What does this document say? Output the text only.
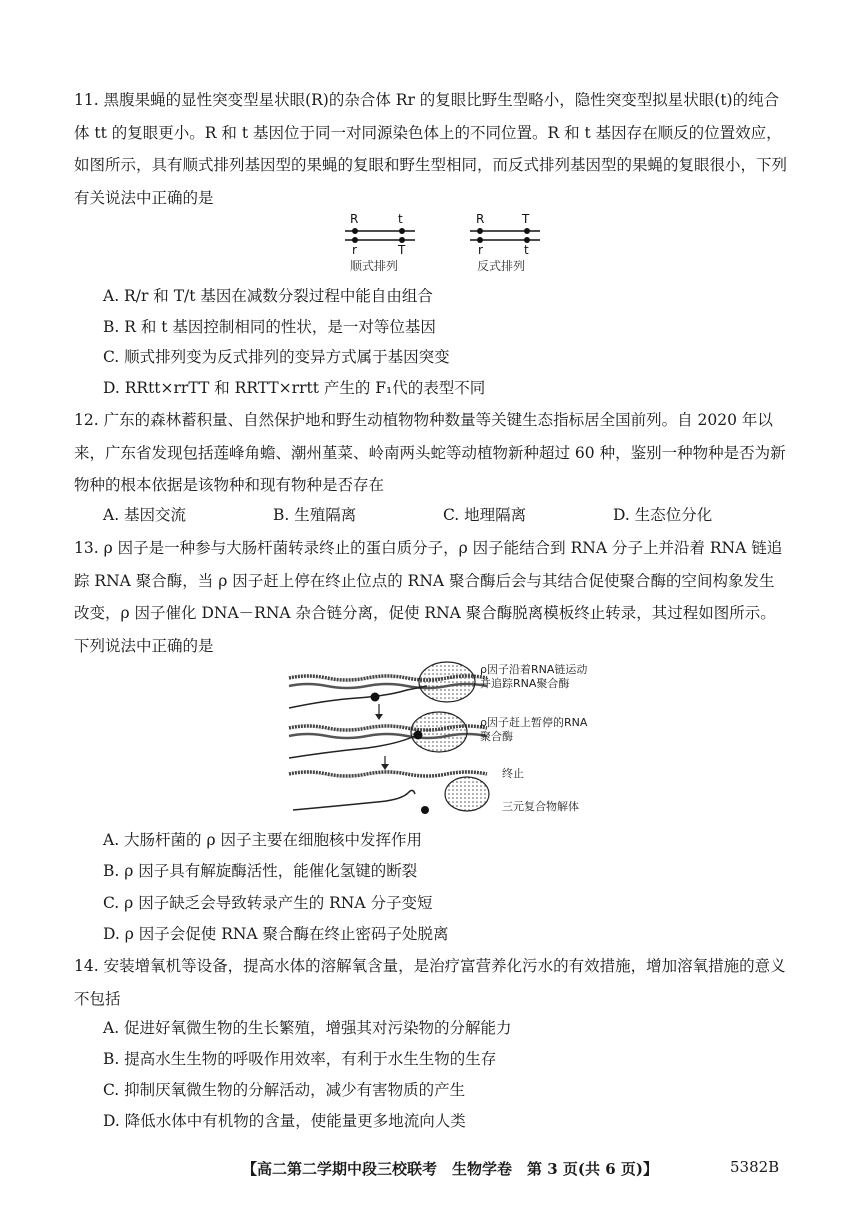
11. 黑腹果蝇的显性突变型星状眼(R)的杂合体 Rr 的复眼比野生型略小，隐性突变型拟星状眼(t)的纯合体 tt 的复眼更小。R 和 t 基因位于同一对同源染色体上的不同位置。R 和 t 基因存在顺反的位置效应，如图所示，具有顺式排列基因型的果蝇的复眼和野生型相同，而反式排列基因型的果蝇的复眼很小，下列有关说法中正确的是
R	t
r	T
顺式排列
R	T
r	t
反式排列
A. R/r 和 T/t 基因在减数分裂过程中能自由组合
B. R 和 t 基因控制相同的性状，是一对等位基因
C. 顺式排列变为反式排列的变异方式属于基因突变
D. RRtt×rrTT 和 RRTT×rrtt 产生的 F₁代的表型不同
12. 广东的森林蓄积量、自然保护地和野生动植物物种数量等关键生态指标居全国前列。自 2020 年以来，广东省发现包括莲峰角蟾、潮州堇菜、岭南两头蛇等动植物新种超过 60 种，鉴别一种物种是否为新物种的根本依据是该物种和现有物种是否存在
A. 基因交流	B. 生殖隔离	C. 地理隔离	D. 生态位分化
13. ρ 因子是一种参与大肠杆菌转录终止的蛋白质分子，ρ 因子能结合到 RNA 分子上并沿着 RNA 链追踪 RNA 聚合酶，当 ρ 因子赶上停在终止位点的 RNA 聚合酶后会与其结合促使聚合酶的空间构象发生改变，ρ 因子催化 DNA－RNA 杂合链分离，促使 RNA 聚合酶脱离模板终止转录，其过程如图所示。下列说法中正确的是
ρ因子沿着RNA链运动
并追踪RNA聚合酶
ρ因子赶上暂停的RNA
聚合酶
终止
三元复合物解体
A. 大肠杆菌的 ρ 因子主要在细胞核中发挥作用
B. ρ 因子具有解旋酶活性，能催化氢键的断裂
C. ρ 因子缺乏会导致转录产生的 RNA 分子变短
D. ρ 因子会促使 RNA 聚合酶在终止密码子处脱离
14. 安装增氧机等设备，提高水体的溶解氧含量，是治疗富营养化污水的有效措施，增加溶氧措施的意义不包括
A. 促进好氧微生物的生长繁殖，增强其对污染物的分解能力
B. 提高水生生物的呼吸作用效率，有利于水生生物的生存
C. 抑制厌氧微生物的分解活动，减少有害物质的产生
D. 降低水体中有机物的含量，使能量更多地流向人类
【高二第二学期中段三校联考　生物学卷　第 3 页(共 6 页)】	5382B
